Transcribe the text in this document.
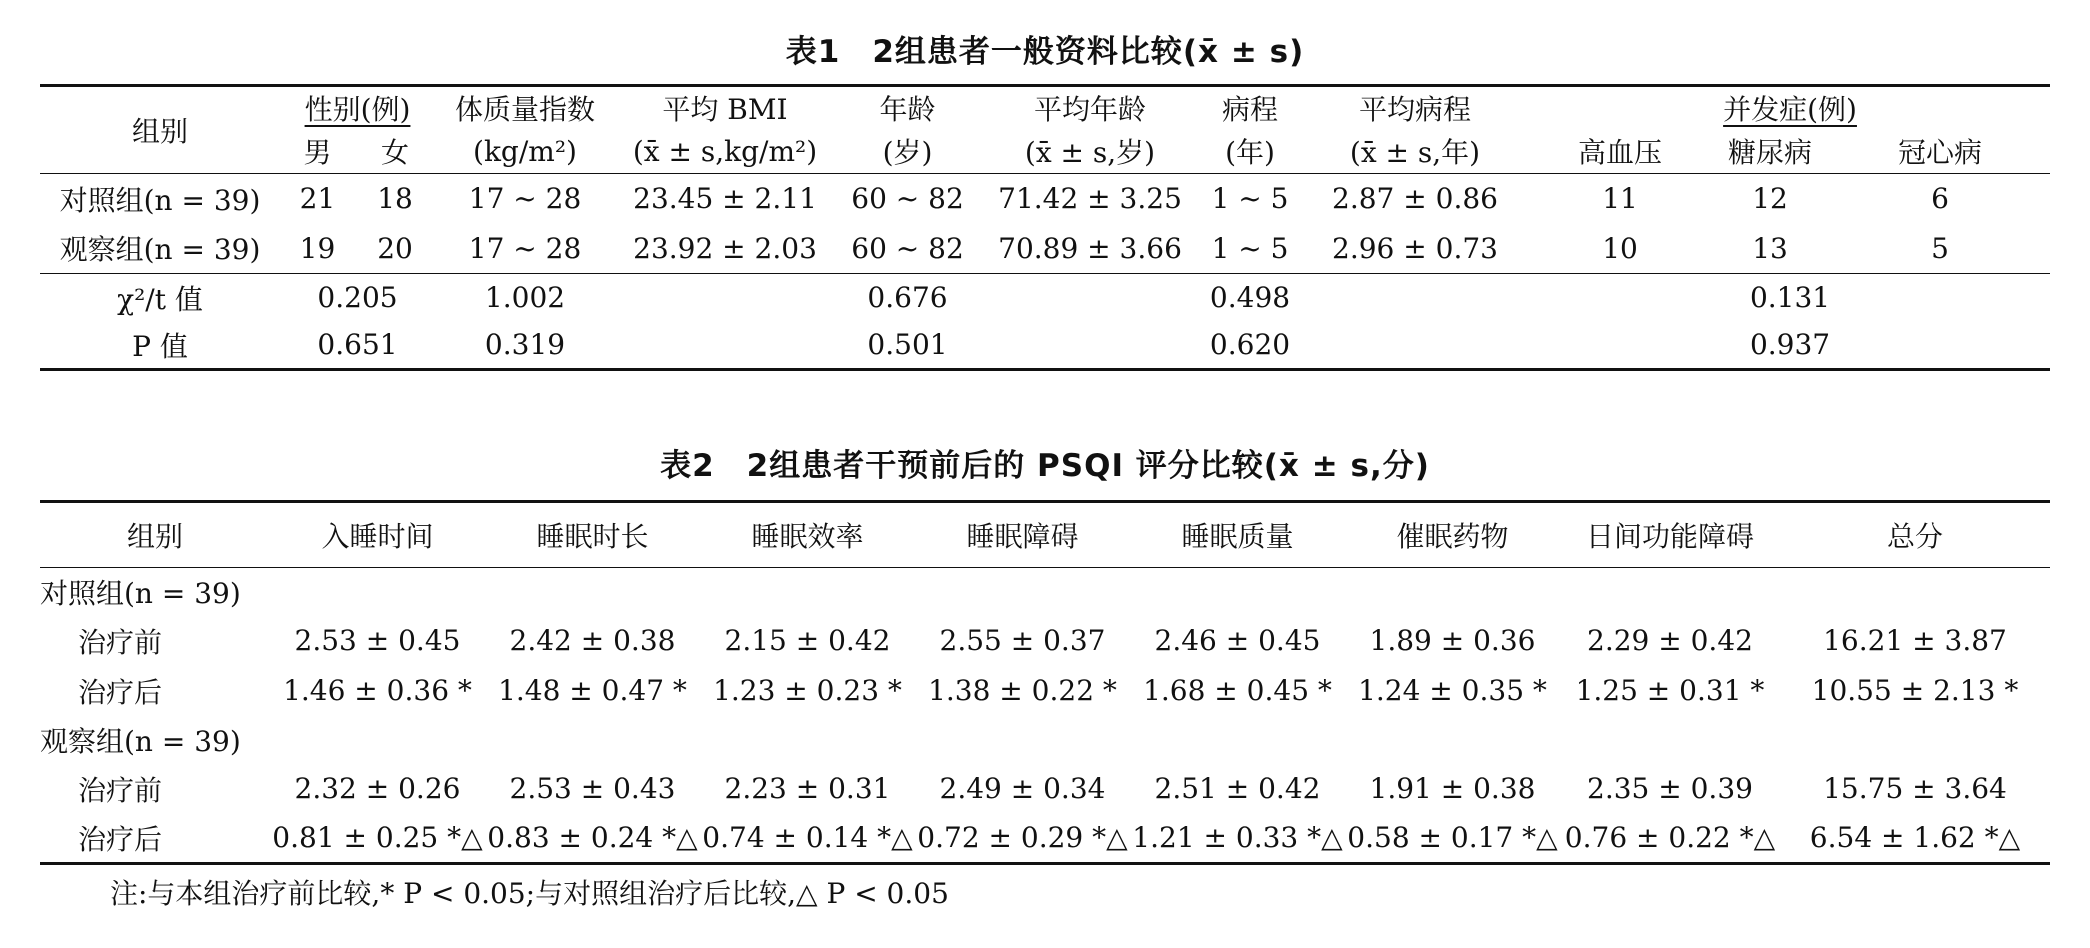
表1　2组患者一般资料比较(x̄ ± s)
组别	性别(例)		体质量指数	平均 BMI	年龄	平均年龄	病程	平均病程	并发症(例)		
	男	女	(kg/m²)	(x̄ ± s,kg/m²)	(岁)	(x̄ ± s,岁)	(年)	(x̄ ± s,年)	高血压	糖尿病	冠心病
对照组(n = 39)	21	18	17 ~ 28	23.45 ± 2.11	60 ~ 82	71.42 ± 3.25	1 ~ 5	2.87 ± 0.86	11	12	6
观察组(n = 39)	19	20	17 ~ 28	23.92 ± 2.03	60 ~ 82	70.89 ± 3.66	1 ~ 5	2.96 ± 0.73	10	13	5
χ²/t 值	0.205		1.002		0.676		0.498		0.131		
P 值	0.651		0.319		0.501		0.620		0.937		
表2　2组患者干预前后的 PSQI 评分比较(x̄ ± s,分)
组别	入睡时间	睡眠时长	睡眠效率	睡眠障碍	睡眠质量	催眠药物	日间功能障碍	总分
对照组(n = 39)								
治疗前	2.53 ± 0.45	2.42 ± 0.38	2.15 ± 0.42	2.55 ± 0.37	2.46 ± 0.45	1.89 ± 0.36	2.29 ± 0.42	16.21 ± 3.87
治疗后	1.46 ± 0.36 *	1.48 ± 0.47 *	1.23 ± 0.23 *	1.38 ± 0.22 *	1.68 ± 0.45 *	1.24 ± 0.35 *	1.25 ± 0.31 *	10.55 ± 2.13 *
观察组(n = 39)								
治疗前	2.32 ± 0.26	2.53 ± 0.43	2.23 ± 0.31	2.49 ± 0.34	2.51 ± 0.42	1.91 ± 0.38	2.35 ± 0.39	15.75 ± 3.64
治疗后	0.81 ± 0.25 *△	0.83 ± 0.24 *△	0.74 ± 0.14 *△	0.72 ± 0.29 *△	1.21 ± 0.33 *△	0.58 ± 0.17 *△	0.76 ± 0.22 *△	6.54 ± 1.62 *△
注:与本组治疗前比较,* P < 0.05;与对照组治疗后比较,△ P < 0.05
